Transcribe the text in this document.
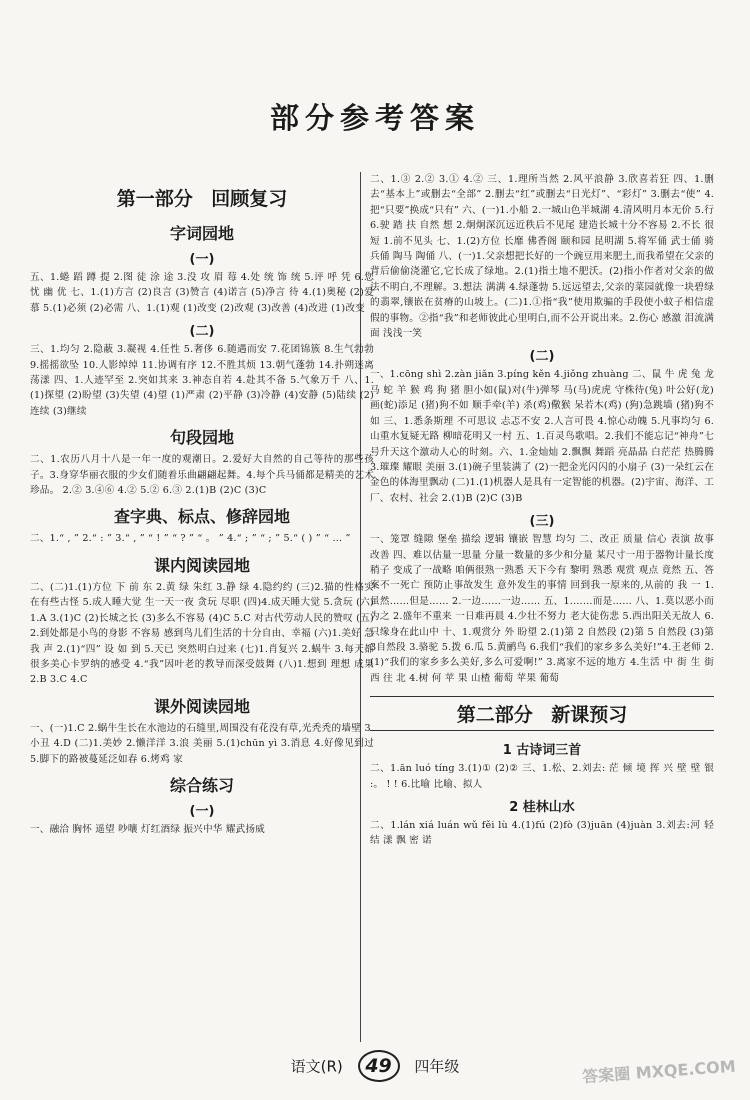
部分参考答案
第一部分 回顾复习
字词园地
(一)
五、1.蜷 蹈 蹲 提 2.图 徒 涂 途 3.没 攻 眉 莓 4.处 统 饰 统 5.评 呼 凭 6.您 忧 幽 优 七、1.(1)方言 (2)良言 (3)赞言 (4)诺言 (5)净言 待 4.(1)奥秘 (2)爱慕 5.(1)必须 (2)必需 八、1.(1)观 (1)改变 (2)改观 (3)改善 (4)改进 (1)改变
(二)
三、1.均匀 2.隐蔽 3.凝视 4.任性 5.奢侈 6.随遇而安 7.花团锦簇 8.生气勃勃 9.摇摇欲坠 10.人影绰绰 11.协调有序 12.不胜其烦 13.朝气蓬勃 14.扑朔迷离 荡漾 四、1.人迹罕至 2.突如其来 3.神态自若 4.赴其不备 5.气象万千 八、1.(1)探望 (2)盼望 (3)失望 (4)望 (1)严肃 (2)平静 (3)冷静 (4)安静 (5)陆续 (2)连续 (3)继续
句段园地
二、1.农历八月十八是一年一度的观潮日。2.爱好大自然的自己等待的那些孩子。3.身穿华丽衣服的少女们随着乐曲翩翩起舞。4.每个兵马俑都是精美的艺术珍品。 2.② 3.④⑥ 4.② 5.② 6.③ 2.(1)B (2)C (3)C
查字典、标点、修辞园地
二、1.“ , ” 2.“ : ” 3.“ , ” “ ! ” “ ? ” “ 。 ” 4.“ ; ” “ ; ” 5.“ ( ) ” “ … ”
课内阅读园地
二、(二)1.(1)方位 下 前 东 2.黄 绿 朱红 3.静 绿 4.隐约约 (三)2.猫的性格实在有些古怪 5.成人睡大觉 生一天一夜 贪玩 尽职 (四)4.成天睡大觉 5.贪玩 (六)1.A 3.(1)C (2)长城之长 (3)多么不容易 (4)C 5.C 对古代劳动人民的赞叹 (五)2.到处都是小鸟的身影 不容易 感到鸟儿们生活的十分自由、幸福 (六)1.美好 急 我 声 2.(1)“四” 设 如 到 5.天已 突然明白过来 (七)1.肖复兴 2.蜗牛 3.每天都很多美心卡罗纳的感受 4.“我”因叶老的教导而深受鼓舞 (八)1.想到 理想 成果 2.B 3.C 4.C
课外阅读园地
一、(一)1.C 2.蜗牛生长在水池边的石缝里,周围没有花没有草,光秃秃的墙壁 3.小丑 4.D (二)1.美妙 2.懒洋洋 3.浪 美丽 5.(1)chūn yì 3.消息 4.好像见到过 5.脚下的路被蔓延泛如春 6.烤鸡 家
综合练习
(一)
一、融洽 胸怀 遥望 吵嚷 灯红酒绿 振兴中华 耀武扬威
二、1.③ 2.② 3.① 4.② 三、1.理所当然 2.风平浪静 3.欣喜若狂 四、1.删去“基本上”或删去“全部” 2.删去“红”或删去“日光灯”、“彩灯” 3.删去“使” 4.把“只要”换成“只有” 六、(一)1.小船 2.一城山色半城湖 4.清风明月本无价 5.行 6.驶 踏 扶 自然 想 2.炯炯深沉远近秩后不见尾 建造长城十分不容易 2.不长 很短 1.前不见头 七、1.(2)方位 长靡 佛香阁 颐和园 昆明湖 5.将军俑 武士俑 骑兵俑 陶马 陶俑 八、(一)1.父亲想把长好的一个豌豆用来肥土,而我希望在父亲的背后偷偷浇灌它,它长成了绿地。2.(1)指土地不肥沃。(2)指小作者对父亲的做法不明白,不理解。3.想法 满满 4.绿蓬勃 5.远远望去,父亲的菜园就像一块碧绿的翡翠,镶嵌在贫瘠的山坡上。(二)1.①指“我”使用欺骗的手段使小蚊子相信虚假的事物。②指“我”和老师彼此心里明白,而不公开说出来。2.伤心 感激 泪流满面 浅浅一笑
(二)
一、1.cōng shì 2.zàn jiǎn 3.píng kěn 4.jiǒng zhuàng 二、鼠 牛 虎 兔 龙 马 蛇 羊 猴 鸡 狗 猪 胆小如(鼠)对(牛)弹琴 马(马)虎虎 守株待(兔) 叶公好(龙) 画(蛇)添足 (猪)狗不如 顺手牵(羊) 杀(鸡)儆猴 呆若木(鸡) (狗)急跳墙 (猪)狗不如 三、1.悉条斯理 不可思议 忐忑不安 2.人言可畏 4.惊心动魄 5.凡事均匀 6.山重水复疑无路 柳暗花明又一村 五、1.百灵鸟歌唱。2.我们不能忘记“神舟”七号升天这个激动人心的时刻。六、1.金灿灿 2.飘飘 舞蹈 亮晶晶 白茫茫 热腾腾 3.璀璨 耀眼 美丽 3.(1)碗子里装满了 (2)一把金光闪闪的小扇子 (3)一朵红云在金色的体海里飘动 (二)1.(1)机器人是具有一定智能的机器。(2)宇宙、海洋、工厂、农村、社会 2.(1)B (2)C (3)B
(三)
一、笼罩 缝隙 堡垒 描绘 逻辑 镶嵌 智慧 均匀 二、改正 质量 信心 表演 故事 改善 四、难以估量一思量 分量一数量的多少和分量 某尺寸一用于器物计量长度 稍子 变成了一战略 咱俩很熟一熟悉 天下今有 黎明 熟悉 观赏 观点 竟然 五、答案不一死亡 预防止事故发生 意外发生的事情 回到我一原来的,从前的 我 一 1.虽然……但是…… 2.一边……一边…… 五、1.……而是…… 八、1.莫以恶小而为之 2.盛年不重来 一日难再晨 4.少壮不努力 老大徒伤悲 5.西出阳关无故人 6.只缘身在此山中 十、1.观赏分 外 盼望 2.(1)第 2 自然段 (2)第 5 自然段 (3)第3自然段 3.骆驼 5.拨 6.瓜 5.黄鹂鸟 6.我们“我们的家乡多么美好!”4.王老师 2.(1)“我们的家乡多么美好,多么可爱啊!” 3.离家不远的地方 4.生活 中 街 生 街 西 往 北 4.树 何 苹 果 山楂 葡萄 苹果 葡萄
第二部分 新课预习
1 古诗词三首
二、1.ān luó tíng 3.(1)① (2)② 三、1.松、2.刘去: 茫 倾 境 挥 兴 壁 壁 银 :。 ! ! 6.比喻 比喻、拟人
2 桂林山水
二、1.lán xiá luán wǔ fěi lù 4.(1)fú (2)fò (3)juān (4)juàn 3.刘去:河 轻 结 漾 飘 密 诺
语文(R) 49 四年级	答案圈 MXQE.COM
